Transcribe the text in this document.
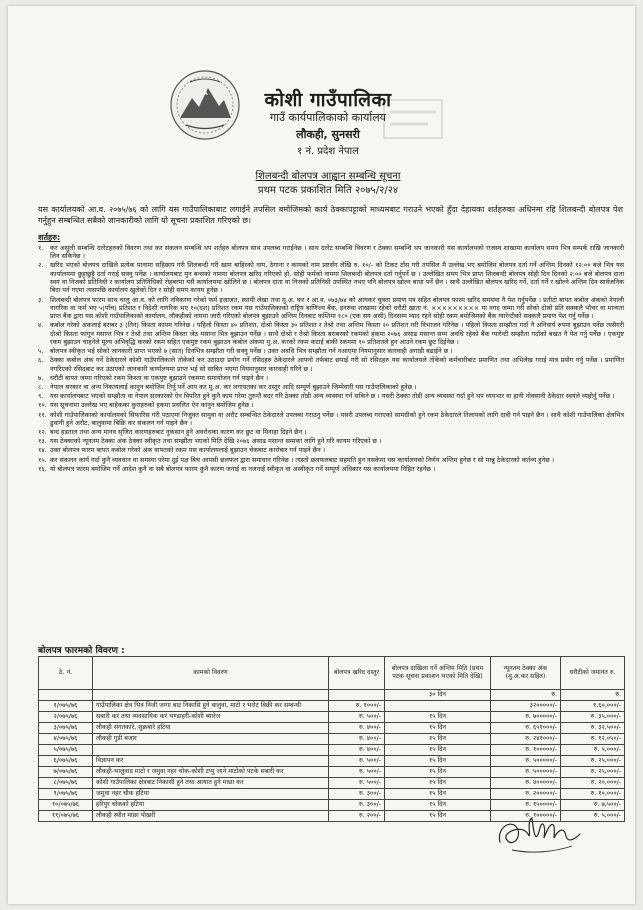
कोशी गाउँपालिका
गाउँ कार्यपालिकाको कार्यालय
लौकही, सुनसरी
१ नं. प्रदेश नेपाल
शिलबन्दी बोलपत्र आह्वान सम्बन्धि सूचना
प्रथम पटक प्रकाशित मिति २०७५/२/२४
यस कार्यालयको आ.व. २०७५/७६ को लागि यस गाउँपालिकाबाट लगाईने तपसिल बमोजिमको कार्य ठेक्कापट्टाको माध्यमबाट गराउने भएको हुँदा देहायका शर्तहरुका अधिनमा रहि शिलबन्दी बोलपत्र पेश गर्नुहुन सम्बन्धित सबैको जानकारीको लागि यो सूचना प्रकाशित गरिएको छ।
शर्तहरु:
१.	कर असुली सम्बन्धि दररेटहरुको विवरण तथा कर संकलन सम्बन्धि थप शर्तहरु बोलपत्र साथ उपलब्ध गराईनेछ । साथ दररेट सम्बन्धि विवरण र ठेक्का सम्बन्धि थप जानकारी यस कार्यालयको राजस्व शाखामा कार्यालय समय भित्र सम्पर्क राखि जानकारी लिन सकिनेछ ।
२.	खरिद भएको बोलपत्र दाखिले प्रत्येक पानामा सहिछाप गरी शिलबन्दी गरी खाम बाहिरको नाम, ठेगाना र कामको नाम प्रष्टसँग लेखि रु. १०/- को टिकट टाँस गरी तपसिल मै उल्लेख भए बमोजिम बोलपत्र दर्ता गर्ने अन्तिम दिनको १२:०० बजे भित्र यस कार्यालयमा छुट्टाछुट्टै दर्ता गराई सक्नु पर्नेछ । कार्यालयबाट मुन बन्सको नाममा बोलपत्र खरिद गरिएको हो, सोही फर्मको नाममा शिलबन्दी बोलपत्र दर्ता गर्नुपर्ने छ । उल्लेखित समय भित्र प्राप्त शिलबन्दी बोलपत्र सोही दिन दिनको २:०० बजे बोलपत्र दाता स्वयं वा निजको प्रतिनिधी र कार्यालय प्रतिनिधिको रोहबरमा यसै कार्यालयमा खोलिने छ । बोलपत्र दाता वा निजको प्रतिनिधी उपस्थित नभए पनि बोलपत्र खोल्न बाधा पर्ने छैन । साथै उल्लेखित बोलपत्र खरिद गर्ने, दर्ता गर्ने र खोल्ने अन्तिम दिन सार्वजनिक बिदा पर्न गएमा त्यसपछि कार्यालय खुलेको दिन र सोही समय कायम हुनेछ ।
३.	शिलबन्दी बोलपत्र फारम साथ चालु आ.व. को लागि नविकरण गरेको फर्म इजाजत, स्थायी लेखा तथा मु.अ. कर र आ.व. ०७३/७४ को आयकर चुक्ता प्रमाण पत्र सहित बोलपत्र फारम खरिद समयमा नै पेश गर्नुपर्नेछ । प्रतीटो बापत कबोल अंकको नेपाली नागरिक वा फर्म भए ५(पाँच) प्रतिशत र विदेशी नागरिक भए १०(दश) प्रतिशत रकम यस गाउँपालिकाको राष्ट्रिय बाणिज्य बैंक, इनरुवा शाखामा रहेको धरौटी खाता नं. ××××××××× मा नगद जम्मा गरी सोको दोस्रो प्रति सक्कलै भौचर वा मान्यता प्राप्त बैंक द्वारा यस कोशी गाउँपालिकाको कार्यालय, लौकहीको नाममा जारी गरिएको बोलपत्र बुझाउने अन्तिम दिनबाट कम्तिमा १८० (एक सय असी) दिनसम्म म्याद रहने सोही रकम बमोजिमको बैंक ग्यारेन्टीको सक्कलै प्रमाण पेश गर्नु पर्नेछ ।
४.	कबोल गरेको अंकलाई बराबर ३ (तिन) किस्ता कायम गरिनेछ । पहिलो किस्ता ४० प्रतिशत, दोश्रो किस्ता ३० प्रतिशत र तेश्रो तथा अन्तिम किस्ता २० प्रतिशत गरी विभाजन गरिनेछ । पहिलो किस्ता सम्झौता गर्दा नै अनिवार्य रुपमा बुझाउन पर्नेछ त्यसैगरी दोश्रो किस्ता फागुन मसान्त भित्र र तेश्रो तथा अन्तिम किस्ता जेठ मसान्त भित्र बुझाउन पर्नेछ । साथै दोश्रो र तेश्रो किस्ता बराबरको रकमको हकमा २०७६ असाढ मसान्त सम्म अवधि रहेको बैंक ग्यारेन्टी सम्झौता गर्दाको बखत नै पेश गर्नु पर्नेछ । एकमुष्ट रकम बुझाउन चाहनेले मूल्य अभिवृद्धि करको रकम सहित एकमुष्ट रकम बुझाउन कबोल अंकमा मु.अ. करको रकम कटाई बाकी रकममा १० प्रतिशतले हुन आउने रकम छुट दिईनेछ ।
५.	बोलपत्र स्वीकृत भई सोको जानकारी प्राप्त भएको ७ (सात) दिनभित्र सम्झौता गरी सक्नु पर्नेछ । उक्त अवधि भित्र सम्झौता गर्न नआएमा नियमानुसार कारवाही अगाडी बढाईने छ ।
६.	ठेक्का कबोल अंक गर्ने ठेकेदारले कोशी गाउँपालिकाले तोकेको कर उठाउदा प्रयोग गर्ने रसिदहरु ठेकेदारले आफ्नो तर्फबाट छपाई गरी सो रसिदहरु यस कार्यालयले तोकेको कर्मचारीबाट प्रमाणित तथा अभिलेख गराई मात्र प्रयोग गर्नु पर्नेछ । प्रमाणित नगरिएको रसिदबाट कर उठाएको जानकारी कार्यालयमा प्राप्त भई सो साबित भएमा नियमानुसार कारवाही गरिने छ ।
७.	धरौटी बापत जम्मा गरिएको रकम किस्ता वा एकमुष्ट बुझाउने रकममा समायोजन गर्न पाइने छैन ।
८.	नेपाल सरकार वा अन्य निकायलाई कानुन बमोजिम तिर्नु पर्ने आय कर मु.अ. कर लगायतका कर दस्तुर आदि सम्पूर्ण बुझाउने जिम्मेवारी यस गाउँपालिकाको हुनेछ ।
९.	यस कार्यालयबाट भएको सम्झौता वा नेपाल सरकारको ऐन विपरित हुने कुनै काम गरेमा तुरुन्तै बदर गरि ठेक्का तोडी अन्य व्यवस्था गर्न सकिने छ । यसरी ठेक्का तोडी अन्य व्यवस्था गर्दा हुने थप व्ययभार वा हानी नोक्सानी ठेकेदार स्वयंले व्यहोर्नु पर्नेछ ।
१०. यस सूचनामा उल्लेख भए बाहेकका कुराहरुको हकमा प्रचलित ऐन कानुन बमोजिम हुनेछ ।
११. कोशी गाउँपालिकाको कार्यालयको सिफारिस गरी पठाएमा निजुक्त सामुवा वा अरौट सम्बन्धित ठेकेदारले उपलब्ध गराउनु पर्नेछ । यसरी उपलब्ध गराएको सामग्रीको हुने रकम ठेकेदारले तिलायको लागि दावी गर्न पाइने छैन । साथै कोशी गाउँपालिका क्षेत्रभित्र ढुवानी हुने अरौट, बालुवामा बिक्रि कर संकलन गर्न पाइने छैन ।
१२. बन्द हडताल तथा अन्य मानव सृजित कारणहरुबाट नुकसान हुने अवरोधका कारण कर छुट वा मिनाहा दिइने छैन ।
१३. यस ठेक्काको न्यूनतम ठेक्का अंक ठेक्का स्वीकृत तथा सम्झौता भएको मिति देखि २०७६ असाढ मसान्त सम्मका लागि हुने गरि कायम गरिएको छ ।
१४. उक्त बोलपत्र फारम बापत कबोल गरेको अंक वापतको रकम यस कार्यालयलाई बुझाउन चेकबाट कारोबार गर्न पाइने छैन ।
१५. कर संकलन कार्य गर्दा कुनै व्यवधान वा समस्या परेमा दुई पक्ष बिच आपसी छलफल द्वारा समाधान गरिनेछ । त्यस्तो छलफलबाट सहमति हुन नसकेमा यस कार्यालयको निर्णय अन्तिम हुनेछ र सो मान्नु ठेकेदारको कर्तव्य हुनेछ ।
१६. यो बोलपत्र फारम बमोजिम गर्ने आदेश कुनै वा सबै बोलपत्र फारम कुनै कारण जनाई वा नजनाई स्वीकृत वा अस्वीकृत गर्ने सम्पूर्ण अधिकार यस कार्यालयमा निहित रहनेछ ।
बोलपत्र फारमको विवरण :
ठे. नं.	कामको विवरण	बोलपत्र खरिद दस्तुर	बोलपत्र दाखिला गर्ने अन्तिम मिति (प्रथम पटक सूचना प्रकाशन भएको मिति देखि)	न्यूनतम ठेक्का अंक (मु.अ.कर सहित)	धरौटीको जमानत रु.
			३० दिन	रु.	रु.
१/०७५/७६	गाउँपालिका क्षेत्र भित्र निजी जग्गा बाट निकासि हुने बालुवा, माटो र भरोट बिक्री कर सम्बन्धी	रु. १०००/-		३२०००००/-	१,६०,०००/-
२/०७५/७६	सबारी कर तथा व्यवसायिक कर भण्डाहरी-कोशी ब्यारेज	रु. ५००/-	१५ दिन	रु. ७०००००/-	रु. ३५,०००/-
३/०७५/७६	लौकही संगतकारे, शुक्रबारे हटिया	रु. ४००/-	१५ दिन	रु. ६५१०००/-	रु. ३२,५००/-
४/०७५/७६	लौकही गुडी बजार	रु. ४००/-	१५ दिन	रु. २४१०००/-	रु. १२,०५०/-
५/०७५/७६		रु. ४००/-	१५ दिन	रु. १०००००/-	रु. ५,०००/-
६/०७५/७६	विज्ञापन कर	रु. ५००/-	१५ दिन	रु. ५०००००/-	रु. २५,०००/-
७/०७५/७६	लौकही-भालुवाड माटो र जमुवा नहर चोक-कोशी टप्पु जाने माटोको पटके सबारी कर	रु. ५००/-	१५ दिन	रु. ५०००००/-	रु. २५,०००/-
८/०७५/७६	कोशी गाउँपालिका क्षेत्रबाट निकासी हुने तथा आयात हुने माछा कर	रु. ५००/-	१५ दिन	रु. ४०००००/-	रु. २०,०००/-
९/०७५/७६	जमुवा नहर चौक हटिया	रु. ३००/-	१५ दिन	रु. २०००००/-	रु. १०,०००/-
१०/०७५/७६	हरिपुर चोकको हटिया	रु. ३००/-	१५ दिन	रु. १५००००/-	रु. ७,५००/-
११/०७५/७६	लौकही स्थीत माछा पोखरी	रु. २००/-	१५ दिन	रु. १०००००/-	रु. ५,०००/-
